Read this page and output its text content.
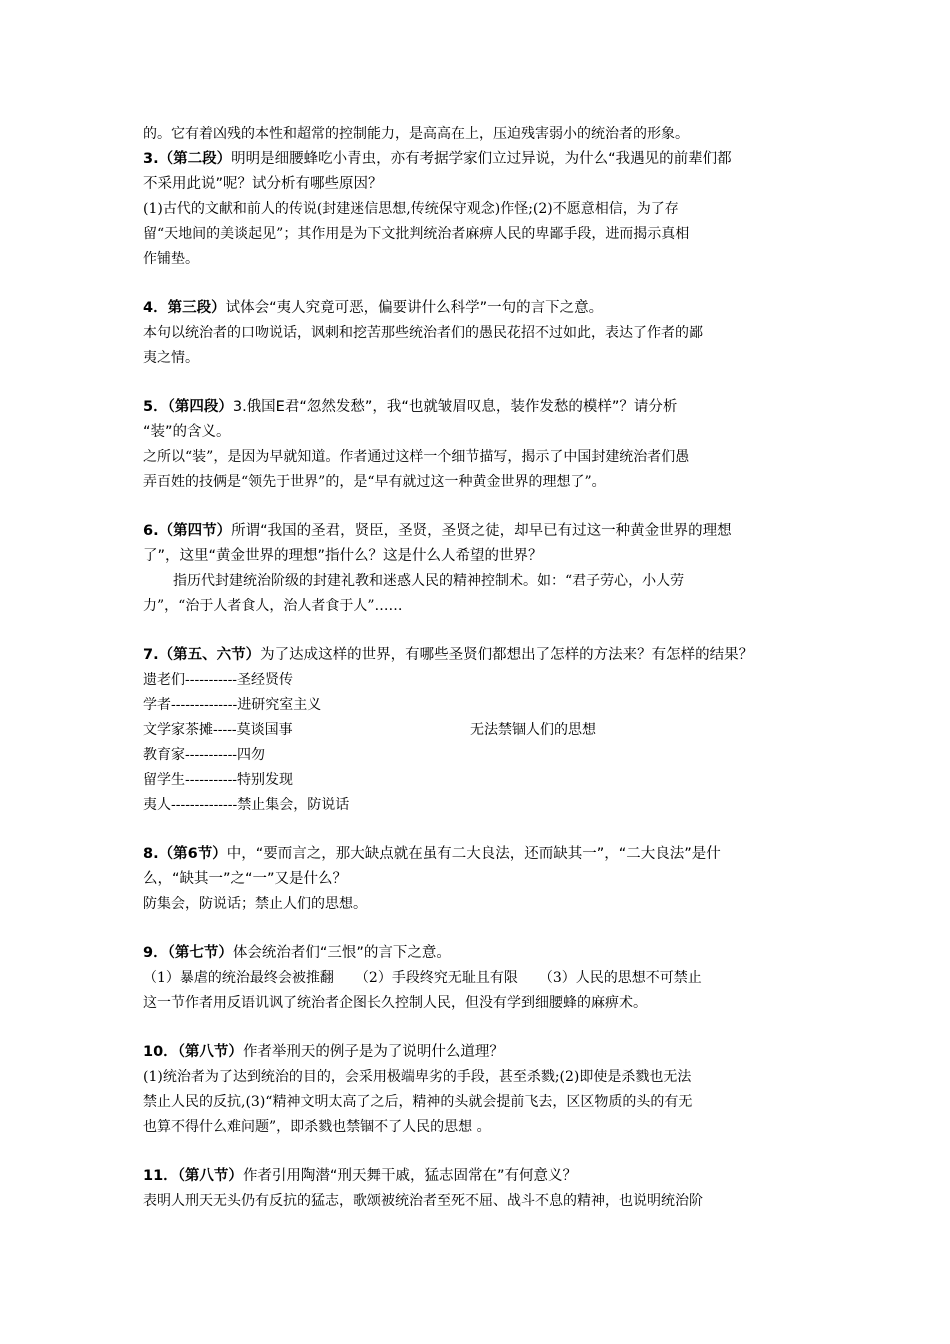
的。它有着凶残的本性和超常的控制能力，是高高在上，压迫残害弱小的统治者的形象。
3.（第二段）明明是细腰蜂吃小青虫，亦有考据学家们立过异说，为什么“我遇见的前辈们都
不采用此说”呢？试分析有哪些原因？
(1)古代的文献和前人的传说(封建迷信思想,传统保守观念)作怪;(2)不愿意相信，为了存
留“天地间的美谈起见”；其作用是为下文批判统治者麻痹人民的卑鄙手段，进而揭示真相
作铺垫。
4．第三段）试体会“夷人究竟可恶，偏要讲什么科学”一句的言下之意。
本句以统治者的口吻说话，讽刺和挖苦那些统治者们的愚民花招不过如此，表达了作者的鄙
夷之情。
5．（第四段）3.俄国E君“忽然发愁”，我“也就皱眉叹息，装作发愁的模样”？请分析
“装”的含义。
之所以“装”，是因为早就知道。作者通过这样一个细节描写，揭示了中国封建统治者们愚
弄百姓的技俩是“领先于世界”的，是“早有就过这一种黄金世界的理想了”。
6.（第四节）所谓“我国的圣君，贤臣，圣贤，圣贤之徒，却早已有过这一种黄金世界的理想
了”，这里“黄金世界的理想”指什么？这是什么人希望的世界？
指历代封建统治阶级的封建礼教和迷惑人民的精神控制术。如：“君子劳心，小人劳
力”，“治于人者食人，治人者食于人”……
7.（第五、六节）为了达成这样的世界，有哪些圣贤们都想出了怎样的方法来？有怎样的结果？
遗老们-----------圣经贤传
学者--------------进研究室主义
文学家茶摊-----莫谈国事	无法禁锢人们的思想
教育家-----------四勿
留学生-----------特别发现
夷人--------------禁止集会，防说话
8.（第6节）中，“要而言之，那大缺点就在虽有二大良法，还而缺其一”，“二大良法”是什
么，“缺其一”之“一”又是什么？
防集会，防说话；禁止人们的思想。
9．（第七节）体会统治者们“三恨”的言下之意。
（1）暴虐的统治最终会被推翻　　（2）手段终究无耻且有限　　（3）人民的思想不可禁止
这一节作者用反语讥讽了统治者企图长久控制人民，但没有学到细腰蜂的麻痹术。
10．（第八节）作者举刑天的例子是为了说明什么道理？
(1)统治者为了达到统治的目的，会采用极端卑劣的手段，甚至杀戮;(2)即使是杀戮也无法
禁止人民的反抗,(3)“精神文明太高了之后，精神的头就会提前飞去，区区物质的头的有无
也算不得什么难问题”，即杀戮也禁锢不了人民的思想 。
11．（第八节）作者引用陶潜“刑天舞干戚，猛志固常在”有何意义？
表明人刑天无头仍有反抗的猛志，歌颂被统治者至死不屈、战斗不息的精神，也说明统治阶
